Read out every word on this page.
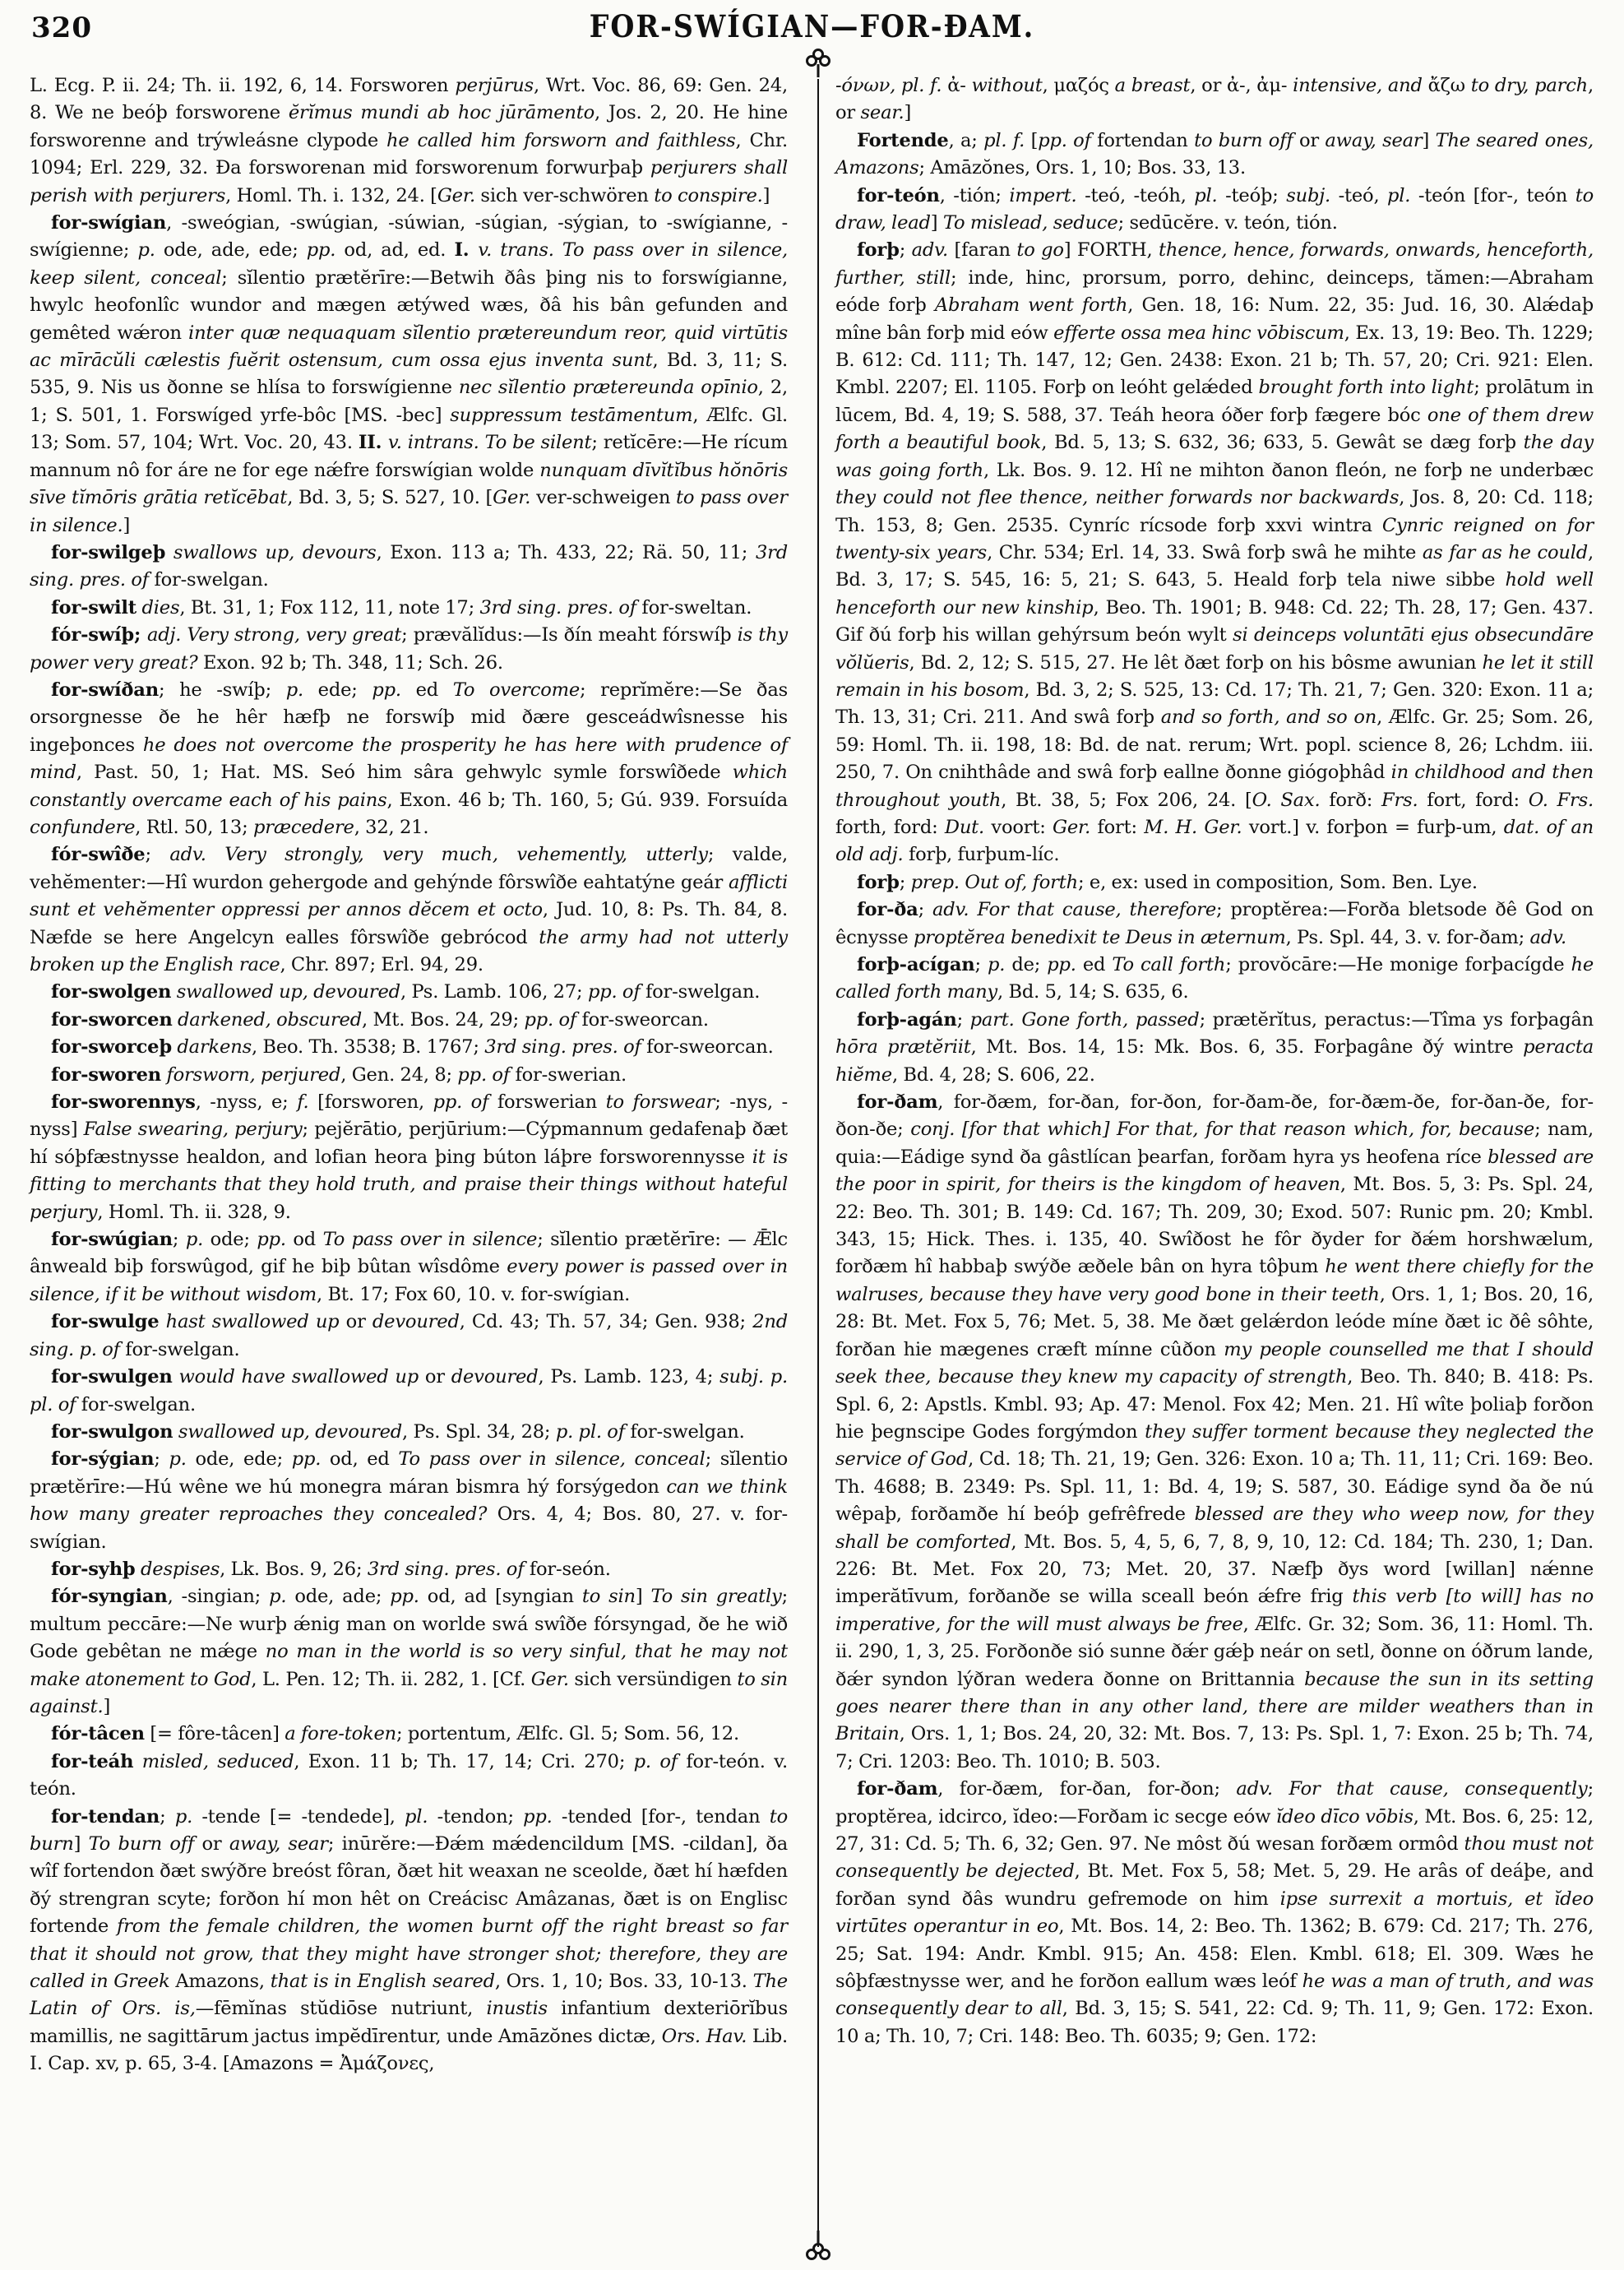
320	FOR-SWÍGIAN—FOR-ÐAM.

L. Ecg. P. ii. 24; Th. ii. 192, 6, 14. Forsworen perjūrus, Wrt. Voc. 86, 69: Gen. 24, 8. We ne beóþ forsworene ĕrĭmus mundi ab hoc jūrāmento, Jos. 2, 20. He hine forsworenne and trýwleásne clypode he called him forsworn and faithless, Chr. 1094; Erl. 229, 32. Ða forsworenan mid forsworenum forwurþaþ perjurers shall perish with perjurers, Homl. Th. i. 132, 24. [Ger. sich ver-schwören to conspire.]

for-swígian, -sweógian, -swúgian, -súwian, -súgian, -sýgian, to -swígianne, -swígienne; p. ode, ade, ede; pp. od, ad, ed. I. v. trans. To pass over in silence, keep silent, conceal; sĭlentio prætĕrīre:—Betwih ðâs þing nis to forswígianne, hwylc heofonlîc wundor and mægen ætýwed wæs, ðâ his bân gefunden and gemêted wǽron inter quæ nequaquam sĭlentio prætereundum reor, quid virtūtis ac mīrācŭli cælestis fuĕrit ostensum, cum ossa ejus inventa sunt, Bd. 3, 11; S. 535, 9. Nis us ðonne se hlísa to forswígienne nec sĭlentio prætereunda opīnio, 2, 1; S. 501, 1. Forswíged yrfe-bôc [MS. -bec] suppressum testāmentum, Ælfc. Gl. 13; Som. 57, 104; Wrt. Voc. 20, 43. II. v. intrans. To be silent; retĭcēre:—He rícum mannum nô for áre ne for ege nǽfre forswígian wolde nunquam dīvĭtĭbus hŏnōris sīve tĭmōris grātia retĭcēbat, Bd. 3, 5; S. 527, 10. [Ger. ver-schweigen to pass over in silence.]

for-swilgeþ swallows up, devours, Exon. 113 a; Th. 433, 22; Rä. 50, 11; 3rd sing. pres. of for-swelgan.

for-swilt dies, Bt. 31, 1; Fox 112, 11, note 17; 3rd sing. pres. of for-sweltan.

fór-swíþ; adj. Very strong, very great; prævălĭdus:—Is ðín meaht fórswíþ is thy power very great? Exon. 92 b; Th. 348, 11; Sch. 26.

for-swíðan; he -swíþ; p. ede; pp. ed To overcome; reprĭmĕre:—Se ðas orsorgnesse ðe he hêr hæfþ ne forswíþ mid ðære gesceádwîsnesse his ingeþonces he does not overcome the prosperity he has here with prudence of mind, Past. 50, 1; Hat. MS. Seó him sâra gehwylc symle forswîðede which constantly overcame each of his pains, Exon. 46 b; Th. 160, 5; Gú. 939. Forsuída confundere, Rtl. 50, 13; præcedere, 32, 21.

fór-swîðe; adv. Very strongly, very much, vehemently, utterly; valde, vehĕmenter:—Hî wurdon gehergode and gehýnde fôrswîðe eahtatýne geár afflicti sunt et vehĕmenter oppressi per annos dĕcem et octo, Jud. 10, 8: Ps. Th. 84, 8. Næfde se here Angelcyn ealles fôrswîðe gebrócod the army had not utterly broken up the English race, Chr. 897; Erl. 94, 29.

for-swolgen swallowed up, devoured, Ps. Lamb. 106, 27; pp. of for-swelgan.

for-sworcen darkened, obscured, Mt. Bos. 24, 29; pp. of for-sweorcan.

for-sworceþ darkens, Beo. Th. 3538; B. 1767; 3rd sing. pres. of for-sweorcan.

for-sworen forsworn, perjured, Gen. 24, 8; pp. of for-swerian.

for-sworennys, -nyss, e; f. [forsworen, pp. of forswerian to forswear; -nys, -nyss] False swearing, perjury; pejĕrātio, perjūrium:—Cýpmannum gedafenaþ ðæt hí sóþfæstnysse healdon, and lofian heora þing búton láþre forsworennysse it is fitting to merchants that they hold truth, and praise their things without hateful perjury, Homl. Th. ii. 328, 9.

for-swúgian; p. ode; pp. od To pass over in silence; sĭlentio prætĕrīre: — Ǣlc ânweald biþ forswûgod, gif he biþ bûtan wîsdôme every power is passed over in silence, if it be without wisdom, Bt. 17; Fox 60, 10. v. for-swígian.

for-swulge hast swallowed up or devoured, Cd. 43; Th. 57, 34; Gen. 938; 2nd sing. p. of for-swelgan.

for-swulgen would have swallowed up or devoured, Ps. Lamb. 123, 4; subj. p. pl. of for-swelgan.

for-swulgon swallowed up, devoured, Ps. Spl. 34, 28; p. pl. of for-swelgan.

for-sýgian; p. ode, ede; pp. od, ed To pass over in silence, conceal; sĭlentio prætĕrīre:—Hú wêne we hú monegra máran bismra hý forsýgedon can we think how many greater reproaches they concealed? Ors. 4, 4; Bos. 80, 27. v. for-swígian.

for-syhþ despises, Lk. Bos. 9, 26; 3rd sing. pres. of for-seón.

fór-syngian, -singian; p. ode, ade; pp. od, ad [syngian to sin] To sin greatly; multum peccāre:—Ne wurþ ǽnig man on worlde swá swîðe fórsyngad, ðe he wið Gode gebêtan ne mǽge no man in the world is so very sinful, that he may not make atonement to God, L. Pen. 12; Th. ii. 282, 1. [Cf. Ger. sich versündigen to sin against.]

fór-tâcen [= fôre-tâcen] a fore-token; portentum, Ælfc. Gl. 5; Som. 56, 12.

for-teáh misled, seduced, Exon. 11 b; Th. 17, 14; Cri. 270; p. of for-teón. v. teón.

for-tendan; p. -tende [= -tendede], pl. -tendon; pp. -tended [for-, tendan to burn] To burn off or away, sear; inūrĕre:—Ðǽm mǽdencildum [MS. -cildan], ða wîf fortendon ðæt swýðre breóst fôran, ðæt hit weaxan ne sceolde, ðæt hí hæfden ðý strengran scyte; forðon hí mon hêt on Creácisc Amâzanas, ðæt is on Englisc fortende from the female children, the women burnt off the right breast so far that it should not grow, that they might have stronger shot; therefore, they are called in Greek Amazons, that is in English seared, Ors. 1, 10; Bos. 33, 10-13. The Latin of Ors. is,—fēmĭnas stŭdiōse nutriunt, inustis infantium dexteriōrĭbus mamillis, ne sagittārum jactus impĕdīrentur, unde Amāzŏnes dictæ, Ors. Hav. Lib. I. Cap. xv, p. 65, 3-4. [Amazons = Ἀμάζονες,

-όνων, pl. f. ἀ- without, μαζός a breast, or ἀ-, ἀμ- intensive, and ἄζω to dry, parch, or sear.]

Fortende, a; pl. f. [pp. of fortendan to burn off or away, sear] The seared ones, Amazons; Amāzŏnes, Ors. 1, 10; Bos. 33, 13.

for-teón, -tión; impert. -teó, -teóh, pl. -teóþ; subj. -teó, pl. -teón [for-, teón to draw, lead] To mislead, seduce; sedūcĕre. v. teón, tión.

forþ; adv. [faran to go] FORTH, thence, hence, forwards, onwards, henceforth, further, still; inde, hinc, prorsum, porro, dehinc, deinceps, tămen:—Abraham eóde forþ Abraham went forth, Gen. 18, 16: Num. 22, 35: Jud. 16, 30. Alǽdaþ mîne bân forþ mid eów efferte ossa mea hinc vōbiscum, Ex. 13, 19: Beo. Th. 1229; B. 612: Cd. 111; Th. 147, 12; Gen. 2438: Exon. 21 b; Th. 57, 20; Cri. 921: Elen. Kmbl. 2207; El. 1105. Forþ on leóht gelǽded brought forth into light; prolātum in lūcem, Bd. 4, 19; S. 588, 37. Teáh heora óðer forþ fægere bóc one of them drew forth a beautiful book, Bd. 5, 13; S. 632, 36; 633, 5. Gewât se dæg forþ the day was going forth, Lk. Bos. 9. 12. Hî ne mihton ðanon fleón, ne forþ ne underbæc they could not flee thence, neither forwards nor backwards, Jos. 8, 20: Cd. 118; Th. 153, 8; Gen. 2535. Cynríc rícsode forþ xxvi wintra Cynric reigned on for twenty-six years, Chr. 534; Erl. 14, 33. Swâ forþ swâ he mihte as far as he could, Bd. 3, 17; S. 545, 16: 5, 21; S. 643, 5. Heald forþ tela niwe sibbe hold well henceforth our new kinship, Beo. Th. 1901; B. 948: Cd. 22; Th. 28, 17; Gen. 437. Gif ðú forþ his willan gehýrsum beón wylt si deinceps voluntāti ejus obsecundāre vŏlŭeris, Bd. 2, 12; S. 515, 27. He lêt ðæt forþ on his bôsme awunian he let it still remain in his bosom, Bd. 3, 2; S. 525, 13: Cd. 17; Th. 21, 7; Gen. 320: Exon. 11 a; Th. 13, 31; Cri. 211. And swâ forþ and so forth, and so on, Ælfc. Gr. 25; Som. 26, 59: Homl. Th. ii. 198, 18: Bd. de nat. rerum; Wrt. popl. science 8, 26; Lchdm. iii. 250, 7. On cnihthâde and swâ forþ eallne ðonne giógoþhâd in childhood and then throughout youth, Bt. 38, 5; Fox 206, 24. [O. Sax. forð: Frs. fort, ford: O. Frs. forth, ford: Dut. voort: Ger. fort: M. H. Ger. vort.] v. forþon = furþ-um, dat. of an old adj. forþ, furþum-líc.

forþ; prep. Out of, forth; e, ex: used in composition, Som. Ben. Lye.

for-ða; adv. For that cause, therefore; proptĕrea:—Forða bletsode ðê God on êcnysse proptĕrea benedixit te Deus in æternum, Ps. Spl. 44, 3. v. for-ðam; adv.

forþ-acígan; p. de; pp. ed To call forth; provŏcāre:—He monige forþacígde he called forth many, Bd. 5, 14; S. 635, 6.

forþ-agán; part. Gone forth, passed; prætĕrĭtus, peractus:—Tîma ys forþagân hōra prætĕriit, Mt. Bos. 14, 15: Mk. Bos. 6, 35. Forþagâne ðý wintre peracta hiĕme, Bd. 4, 28; S. 606, 22.

for-ðam, for-ðæm, for-ðan, for-ðon, for-ðam-ðe, for-ðæm-ðe, for-ðan-ðe, for-ðon-ðe; conj. [for that which] For that, for that reason which, for, because; nam, quia:—Eádige synd ða gâstlícan þearfan, forðam hyra ys heofena ríce blessed are the poor in spirit, for theirs is the kingdom of heaven, Mt. Bos. 5, 3: Ps. Spl. 24, 22: Beo. Th. 301; B. 149: Cd. 167; Th. 209, 30; Exod. 507: Runic pm. 20; Kmbl. 343, 15; Hick. Thes. i. 135, 40. Swîðost he fôr ðyder for ðǽm horshwælum, forðæm hî habbaþ swýðe æðele bân on hyra tôþum he went there chiefly for the walruses, because they have very good bone in their teeth, Ors. 1, 1; Bos. 20, 16, 28: Bt. Met. Fox 5, 76; Met. 5, 38. Me ðæt gelǽrdon leóde míne ðæt ic ðê sôhte, forðan hie mægenes cræft mínne cûðon my people counselled me that I should seek thee, because they knew my capacity of strength, Beo. Th. 840; B. 418: Ps. Spl. 6, 2: Apstls. Kmbl. 93; Ap. 47: Menol. Fox 42; Men. 21. Hî wîte þoliaþ forðon hie þegnscipe Godes forgýmdon they suffer torment because they neglected the service of God, Cd. 18; Th. 21, 19; Gen. 326: Exon. 10 a; Th. 11, 11; Cri. 169: Beo. Th. 4688; B. 2349: Ps. Spl. 11, 1: Bd. 4, 19; S. 587, 30. Eádige synd ða ðe nú wêpaþ, forðamðe hí beóþ gefrêfrede blessed are they who weep now, for they shall be comforted, Mt. Bos. 5, 4, 5, 6, 7, 8, 9, 10, 12: Cd. 184; Th. 230, 1; Dan. 226: Bt. Met. Fox 20, 73; Met. 20, 37. Næfþ ðys word [willan] nǽnne imperătīvum, forðanðe se willa sceall beón ǽfre frig this verb [to will] has no imperative, for the will must always be free, Ælfc. Gr. 32; Som. 36, 11: Homl. Th. ii. 290, 1, 3, 25. Forðonðe sió sunne ðǽr gǽþ neár on setl, ðonne on óðrum lande, ðǽr syndon lýðran wedera ðonne on Brittannia because the sun in its setting goes nearer there than in any other land, there are milder weathers than in Britain, Ors. 1, 1; Bos. 24, 20, 32: Mt. Bos. 7, 13: Ps. Spl. 1, 7: Exon. 25 b; Th. 74, 7; Cri. 1203: Beo. Th. 1010; B. 503.

for-ðam, for-ðæm, for-ðan, for-ðon; adv. For that cause, consequently; proptĕrea, idcirco, ĭdeo:—Forðam ic secge eów ĭdeo dīco vōbis, Mt. Bos. 6, 25: 12, 27, 31: Cd. 5; Th. 6, 32; Gen. 97. Ne môst ðú wesan forðæm ormôd thou must not consequently be dejected, Bt. Met. Fox 5, 58; Met. 5, 29. He arâs of deáþe, and forðan synd ðâs wundru gefremode on him ipse surrexit a mortuis, et ĭdeo virtūtes operantur in eo, Mt. Bos. 14, 2: Beo. Th. 1362; B. 679: Cd. 217; Th. 276, 25; Sat. 194: Andr. Kmbl. 915; An. 458: Elen. Kmbl. 618; El. 309. Wæs he sôþfæstnysse wer, and he forðon eallum wæs leóf he was a man of truth, and was consequently dear to all, Bd. 3, 15; S. 541, 22: Cd. 9; Th. 11, 9; Gen. 172: Exon. 10 a; Th. 10, 7; Cri. 148: Beo. Th. 6035; 9; Gen. 172:
